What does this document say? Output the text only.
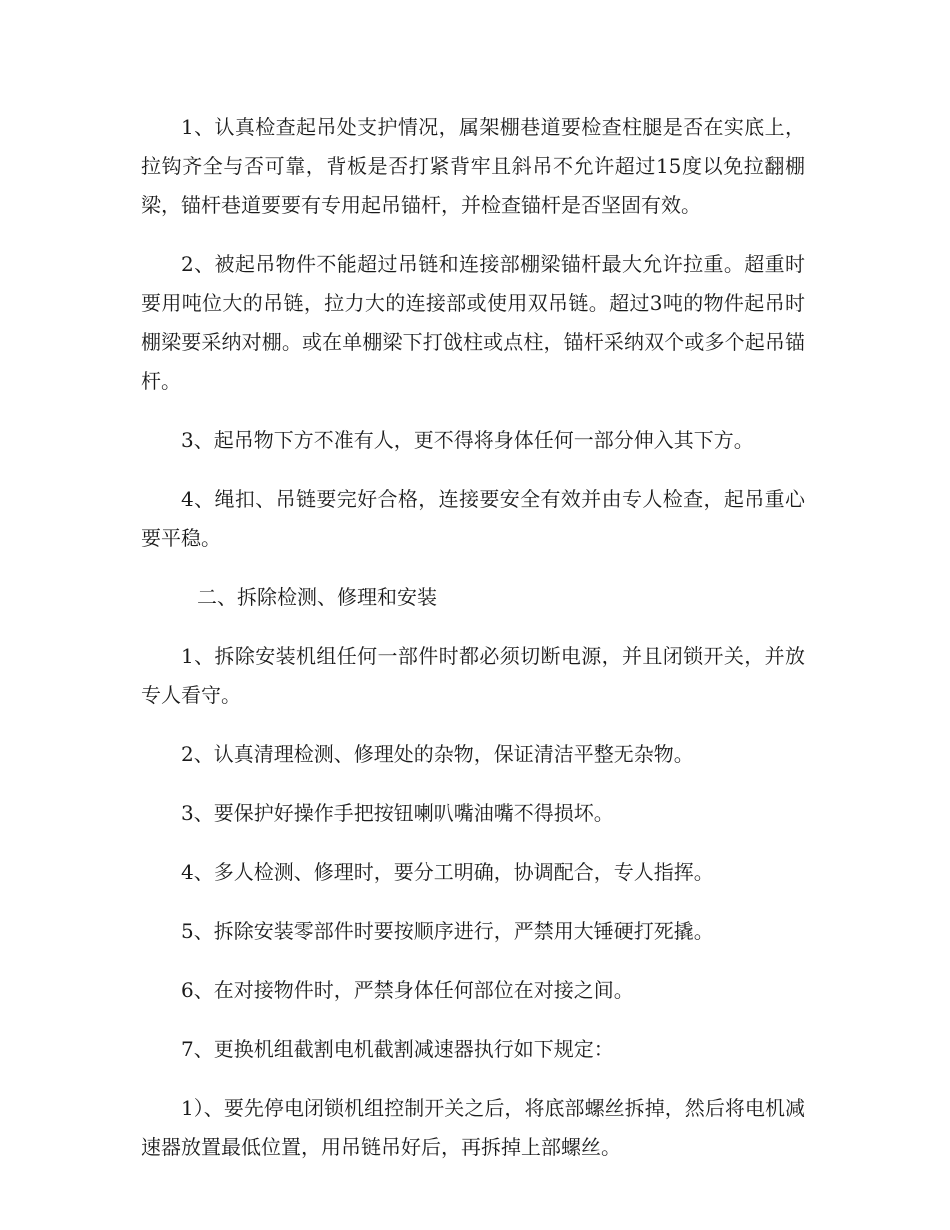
1、认真检查起吊处支护情况，属架棚巷道要检查柱腿是否在实底上，拉钩齐全与否可靠，背板是否打紧背牢且斜吊不允许超过15度以免拉翻棚梁，锚杆巷道要要有专用起吊锚杆，并检查锚杆是否坚固有效。

2、被起吊物件不能超过吊链和连接部棚梁锚杆最大允许拉重。超重时要用吨位大的吊链，拉力大的连接部或使用双吊链。超过3吨的物件起吊时棚梁要采纳对棚。或在单棚梁下打戗柱或点柱，锚杆采纳双个或多个起吊锚杆。

3、起吊物下方不准有人，更不得将身体任何一部分伸入其下方。

4、绳扣、吊链要完好合格，连接要安全有效并由专人检查，起吊重心要平稳。

二、拆除检测、修理和安装

1、拆除安装机组任何一部件时都必须切断电源，并且闭锁开关，并放专人看守。

2、认真清理检测、修理处的杂物，保证清洁平整无杂物。

3、要保护好操作手把按钮喇叭嘴油嘴不得损坏。

4、多人检测、修理时，要分工明确，协调配合，专人指挥。

5、拆除安装零部件时要按顺序进行，严禁用大锤硬打死撬。

6、在对接物件时，严禁身体任何部位在对接之间。

7、更换机组截割电机截割减速器执行如下规定：

1）、要先停电闭锁机组控制开关之后，将底部螺丝拆掉，然后将电机减速器放置最低位置，用吊链吊好后，再拆掉上部螺丝。
